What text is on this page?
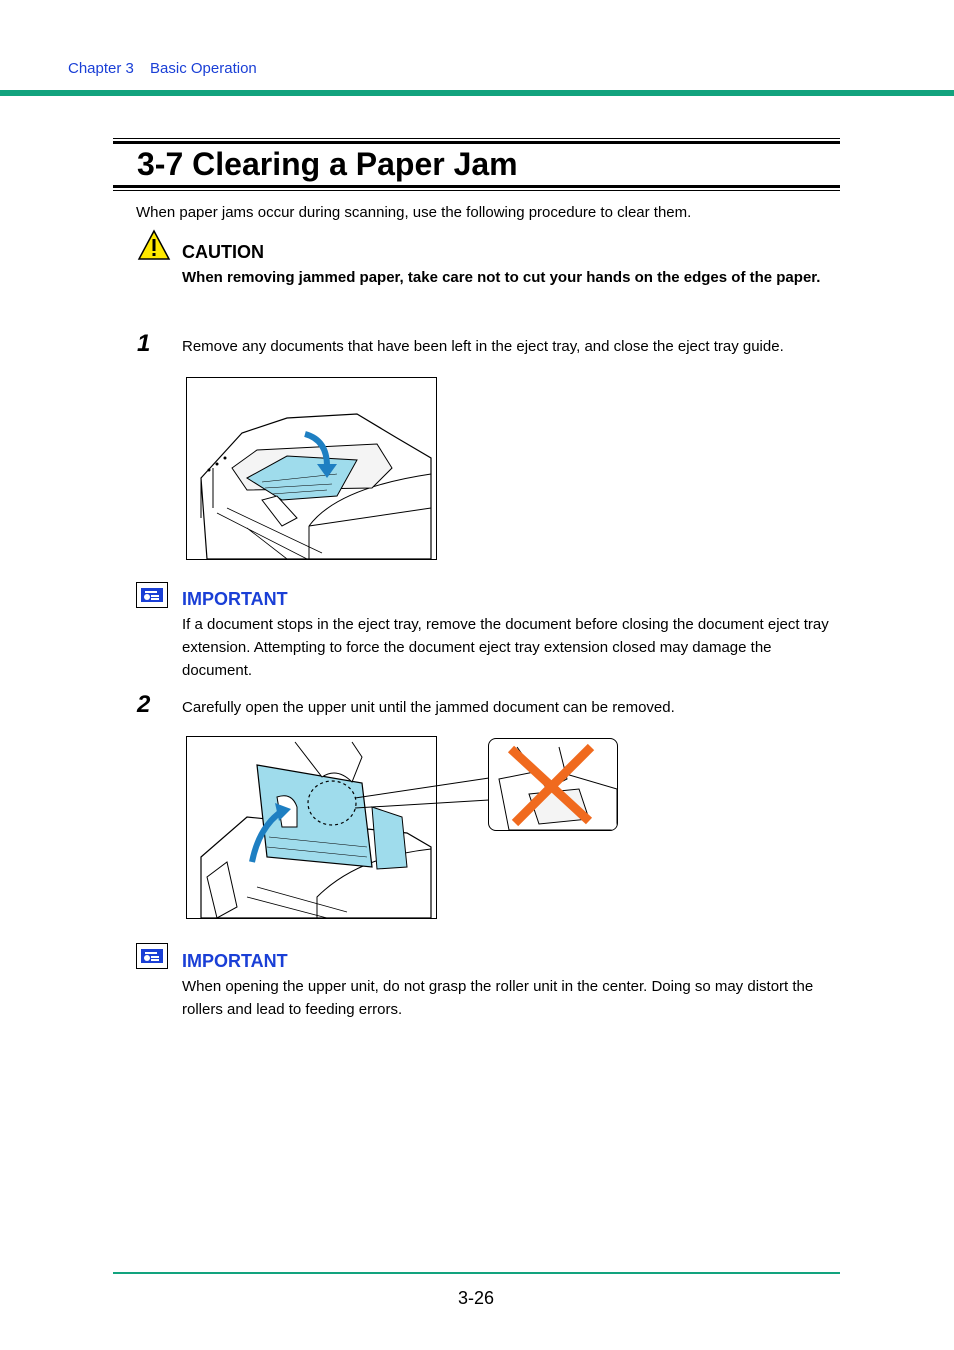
Chapter 3 Basic Operation
3-7 Clearing a Paper Jam
When paper jams occur during scanning, use the following procedure to clear them.
CAUTION
When removing jammed paper, take care not to cut your hands on the edges of the paper.
1 Remove any documents that have been left in the eject tray, and close the eject tray guide.
IMPORTANT
If a document stops in the eject tray, remove the document before closing the document eject tray extension. Attempting to force the document eject tray extension closed may damage the document.
2 Carefully open the upper unit until the jammed document can be removed.
IMPORTANT
When opening the upper unit, do not grasp the roller unit in the center. Doing so may distort the rollers and lead to feeding errors.
3-26
